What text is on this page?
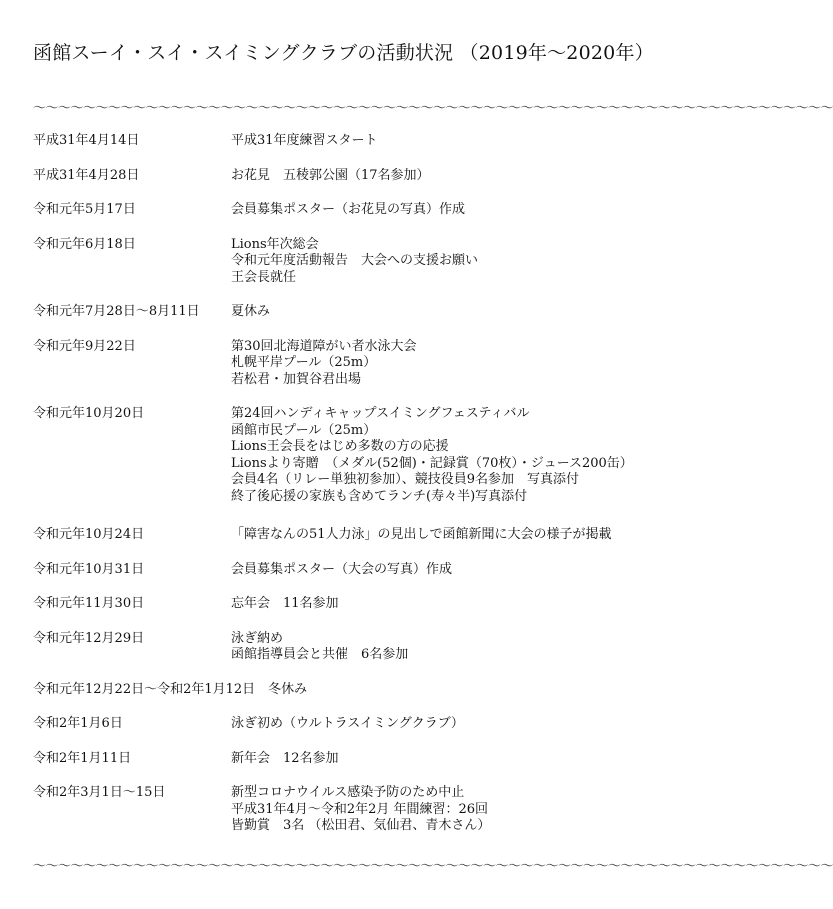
函館スーイ・スイ・スイミングクラブの活動状況 （2019年～2020年）
～～～～～～～～～～～～～～～～～～～～～～～～～～～～～～～～～～～～～～～～～～～～～～～～～～～～～～～～～～～～～～～～
平成31年4月14日	平成31年度練習スタート
平成31年4月28日	お花見　五稜郭公園（17名参加）
令和元年5月17日	会員募集ポスター（お花見の写真）作成
令和元年6月18日	Lions年次総会
令和元年度活動報告　大会への支援お願い
王会長就任
令和元年7月28日～8月11日 夏休み
令和元年9月22日	第30回北海道障がい者水泳大会
札幌平岸プール（25m）
若松君・加賀谷君出場
令和元年10月20日	第24回ハンディキャップスイミングフェスティバル
函館市民プール（25m）
Lions王会長をはじめ多数の方の応援
Lionsより寄贈　（メダル(52個)・記録賞（70枚）・ジュース200缶）
会員4名（リレー単独初参加）、競技役員9名参加　写真添付
終了後応援の家族も含めてランチ(寿々半)写真添付
令和元年10月24日	「障害なんの51人力泳」の見出しで函館新聞に大会の様子が掲載
令和元年10月31日	会員募集ポスター（大会の写真）作成
令和元年11月30日	忘年会　11名参加
令和元年12月29日	泳ぎ納め
函館指導員会と共催　6名参加
令和元年12月22日～令和2年1月12日　冬休み

令和2年1月6日	泳ぎ初め（ウルトラスイミングクラブ）
令和2年1月11日	新年会　12名参加
令和2年3月1日～15日	新型コロナウイルス感染予防のため中止
平成31年4月～令和2年2月 年間練習：26回
皆勤賞　3名 （松田君、気仙君、青木さん）
～～～～～～～～～～～～～～～～～～～～～～～～～～～～～～～～～～～～～～～～～～～～～～～～～～～～～～～～～～～～～～～～
